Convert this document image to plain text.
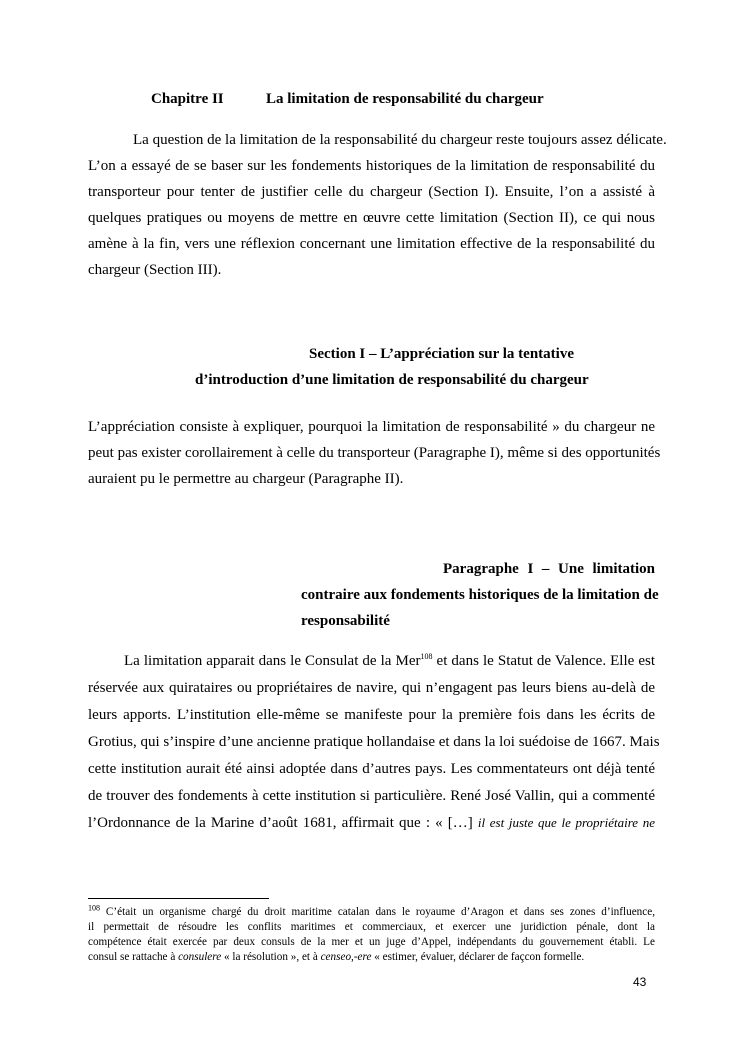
Chapitre II	La limitation de responsabilité du chargeur
La question de la limitation de la responsabilité du chargeur reste toujours assez délicate.
L’on a essayé de se baser sur les fondements historiques de la limitation de responsabilité du
transporteur pour tenter de justifier celle du chargeur (Section I). Ensuite, l’on a assisté à
quelques pratiques ou moyens de mettre en œuvre cette limitation (Section II), ce qui nous
amène à la fin, vers une réflexion concernant une limitation effective de la responsabilité du
chargeur (Section III).
Section I – L’appréciation sur la tentative
d’introduction d’une limitation de responsabilité du chargeur
L’appréciation consiste à expliquer, pourquoi la limitation de responsabilité » du chargeur ne
peut pas exister corollairement à celle du transporteur (Paragraphe I), même si des opportunités
auraient pu le permettre au chargeur (Paragraphe II).
Paragraphe I – Une limitation
contraire aux fondements historiques de la limitation de
responsabilité
La limitation apparait dans le Consulat de la Mer$^{108}$ et dans le Statut de Valence. Elle est
réservée aux quirataires ou propriétaires de navire, qui n’engagent pas leurs biens au-delà de
leurs apports. L’institution elle-même se manifeste pour la première fois dans les écrits de
Grotius, qui s’inspire d’une ancienne pratique hollandaise et dans la loi suédoise de 1667. Mais
cette institution aurait été ainsi adoptée dans d’autres pays. Les commentateurs ont déjà tenté
de trouver des fondements à cette institution si particulière. René José Vallin, qui a commenté
l’Ordonnance de la Marine d’août 1681, affirmait que : « […] il est juste que le propriétaire ne
$^{108}$ C’était un organisme chargé du droit maritime catalan dans le royaume d’Aragon et dans ses zones d’influence,
il permettait de résoudre les conflits maritimes et commerciaux, et exercer une juridiction pénale, dont la
compétence était exercée par deux consuls de la mer et un juge d’Appel, indépendants du gouvernement établi. Le
consul se rattache à consulere « la résolution », et à censeo,-ere « estimer, évaluer, déclarer de façcon formelle.
43
